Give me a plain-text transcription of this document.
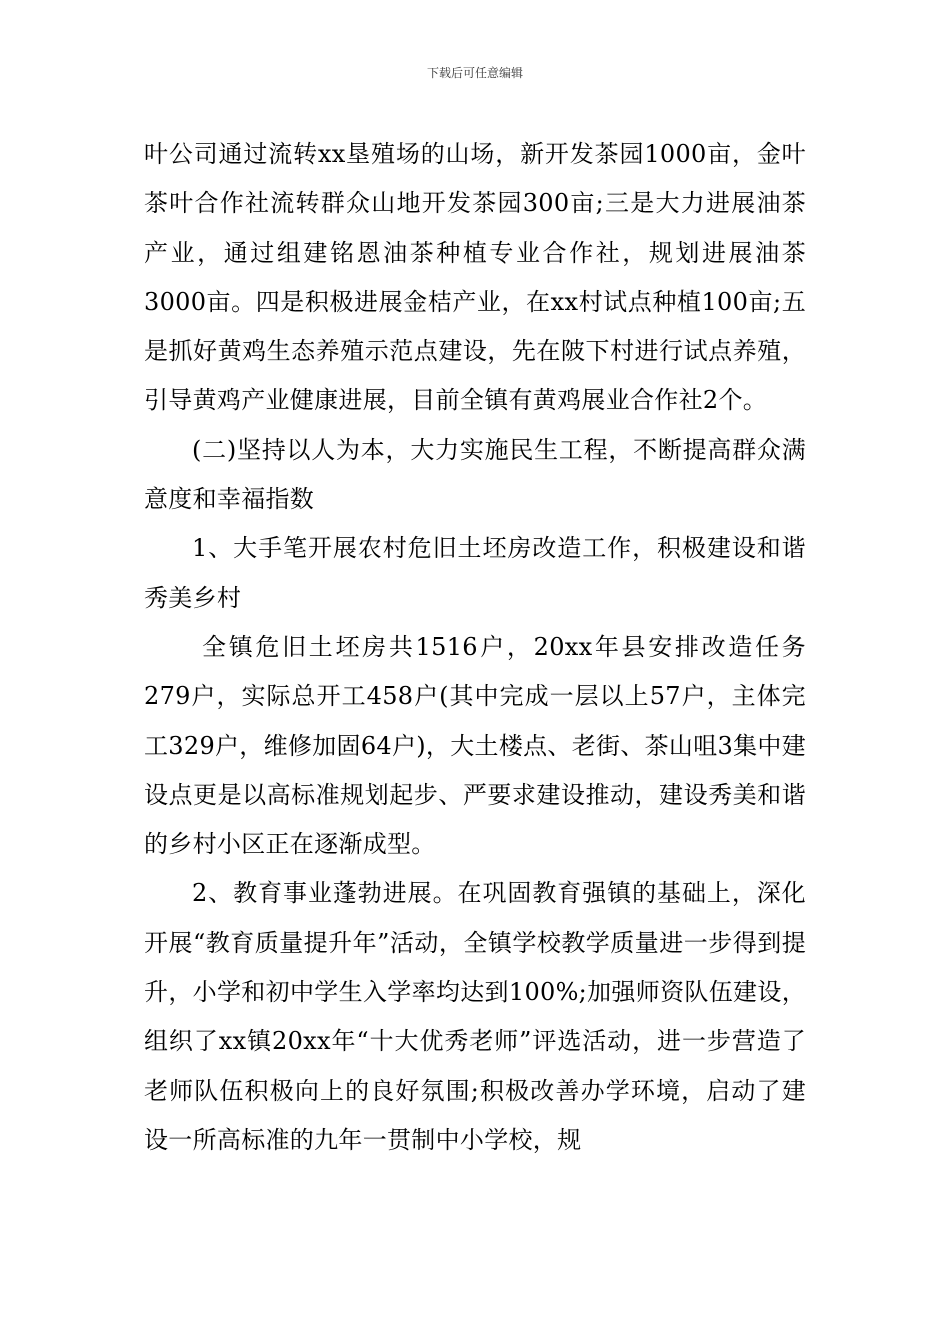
下载后可任意编辑

叶公司通过流转xx垦殖场的山场，新开发茶园1000亩，金叶茶叶合作社流转群众山地开发茶园300亩;三是大力进展油茶产业，通过组建铭恩油茶种植专业合作社，规划进展油茶3000亩。四是积极进展金桔产业，在xx村试点种植100亩;五是抓好黄鸡生态养殖示范点建设，先在陂下村进行试点养殖，引导黄鸡产业健康进展，目前全镇有黄鸡展业合作社2个。

(二)坚持以人为本，大力实施民生工程，不断提高群众满意度和幸福指数

1、大手笔开展农村危旧土坯房改造工作，积极建设和谐秀美乡村

全镇危旧土坯房共1516户，20xx年县安排改造任务279户，实际总开工458户(其中完成一层以上57户，主体完工329户，维修加固64户)，大土楼点、老街、茶山咀3集中建设点更是以高标准规划起步、严要求建设推动，建设秀美和谐的乡村小区正在逐渐成型。

2、教育事业蓬勃进展。在巩固教育强镇的基础上，深化开展“教育质量提升年”活动，全镇学校教学质量进一步得到提升，小学和初中学生入学率均达到100%;加强师资队伍建设，组织了xx镇20xx年“十大优秀老师”评选活动，进一步营造了老师队伍积极向上的良好氛围;积极改善办学环境，启动了建设一所高标准的九年一贯制中小学校，规
